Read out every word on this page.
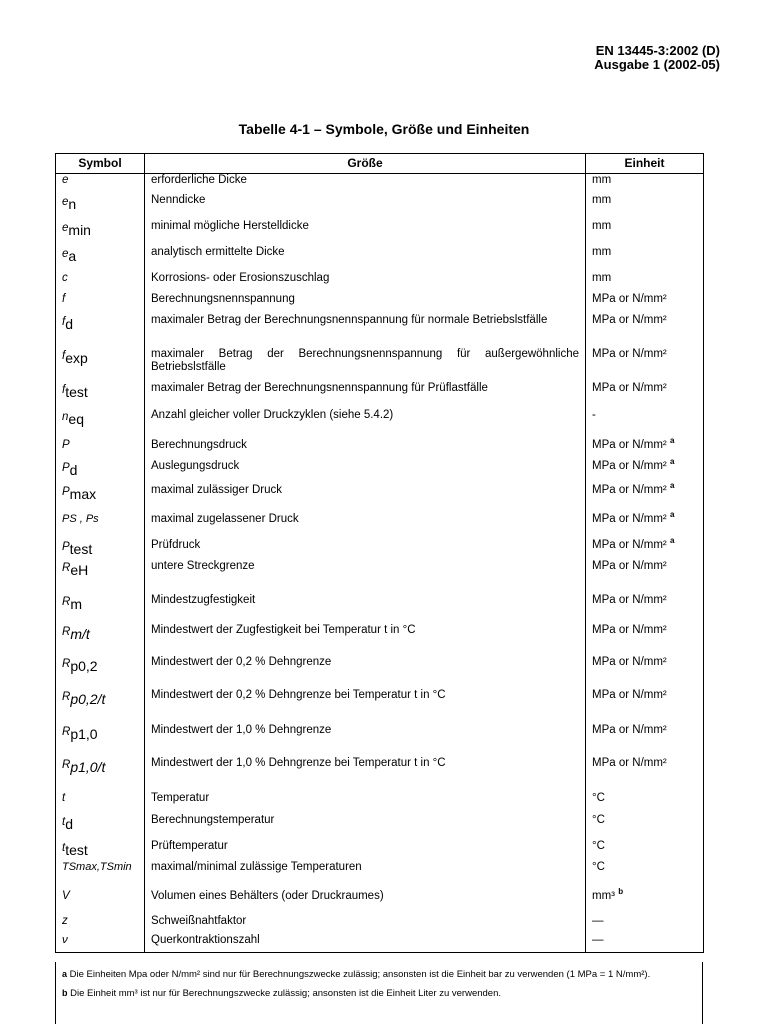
EN 13445-3:2002 (D)
Ausgabe 1 (2002-05)
Tabelle 4-1 – Symbole, Größe und Einheiten
Symbol	Größe	Einheit
e	erforderliche Dicke	mm
en	Nenndicke	mm
emin	minimal mögliche Herstelldicke	mm
ea	analytisch ermittelte Dicke	mm
c	Korrosions- oder Erosionszuschlag	mm
f	Berechnungsnennspannung	MPa or N/mm²
fd	maximaler Betrag der Berechnungsnennspannung für normale Betriebslstfälle	MPa or N/mm²
fexp	maximaler Betrag der Berechnungsnennspannung für außergewöhnliche Betriebslstfälle	MPa or N/mm²
ftest	maximaler Betrag der Berechnungsnennspannung für Prüflastfälle	MPa or N/mm²
neq	Anzahl gleicher voller Druckzyklen (siehe 5.4.2)	-
P	Berechnungsdruck	MPa or N/mm² $^a$
Pd	Auslegungsdruck	MPa or N/mm² $^a$
Pmax	maximal zulässiger Druck	MPa or N/mm² $^a$
PS , Ps	maximal zugelassener Druck	MPa or N/mm² $^a$
Ptest	Prüfdruck	MPa or N/mm² $^a$
ReH	untere Streckgrenze	MPa or N/mm²
Rm	Mindestzugfestigkeit	MPa or N/mm²
Rm/t	Mindestwert der Zugfestigkeit bei Temperatur t in °C	MPa or N/mm²
Rp0,2	Mindestwert der 0,2 % Dehngrenze	MPa or N/mm²
Rp0,2/t	Mindestwert der 0,2 % Dehngrenze bei Temperatur t in °C	MPa or N/mm²
Rp1,0	Mindestwert der 1,0 % Dehngrenze	MPa or N/mm²
Rp1,0/t	Mindestwert der 1,0 % Dehngrenze bei Temperatur t in °C	MPa or N/mm²
t	Temperatur	°C
td	Berechnungstemperatur	°C
ttest	Prüftemperatur	°C
TSmax,TSmin	maximal/minimal zulässige Temperaturen	°C
V	Volumen eines Behälters (oder Druckraumes)	mm³ $^b$
z	Schweißnahtfaktor	—
ν	Querkontraktionszahl	—
a Die Einheiten Mpa oder N/mm² sind nur für Berechnungszwecke zulässig; ansonsten ist die Einheit bar zu verwenden (1 MPa = 1 N/mm²).
b Die Einheit mm³ ist nur für Berechnungszwecke zulässig; ansonsten ist die Einheit Liter zu verwenden.
